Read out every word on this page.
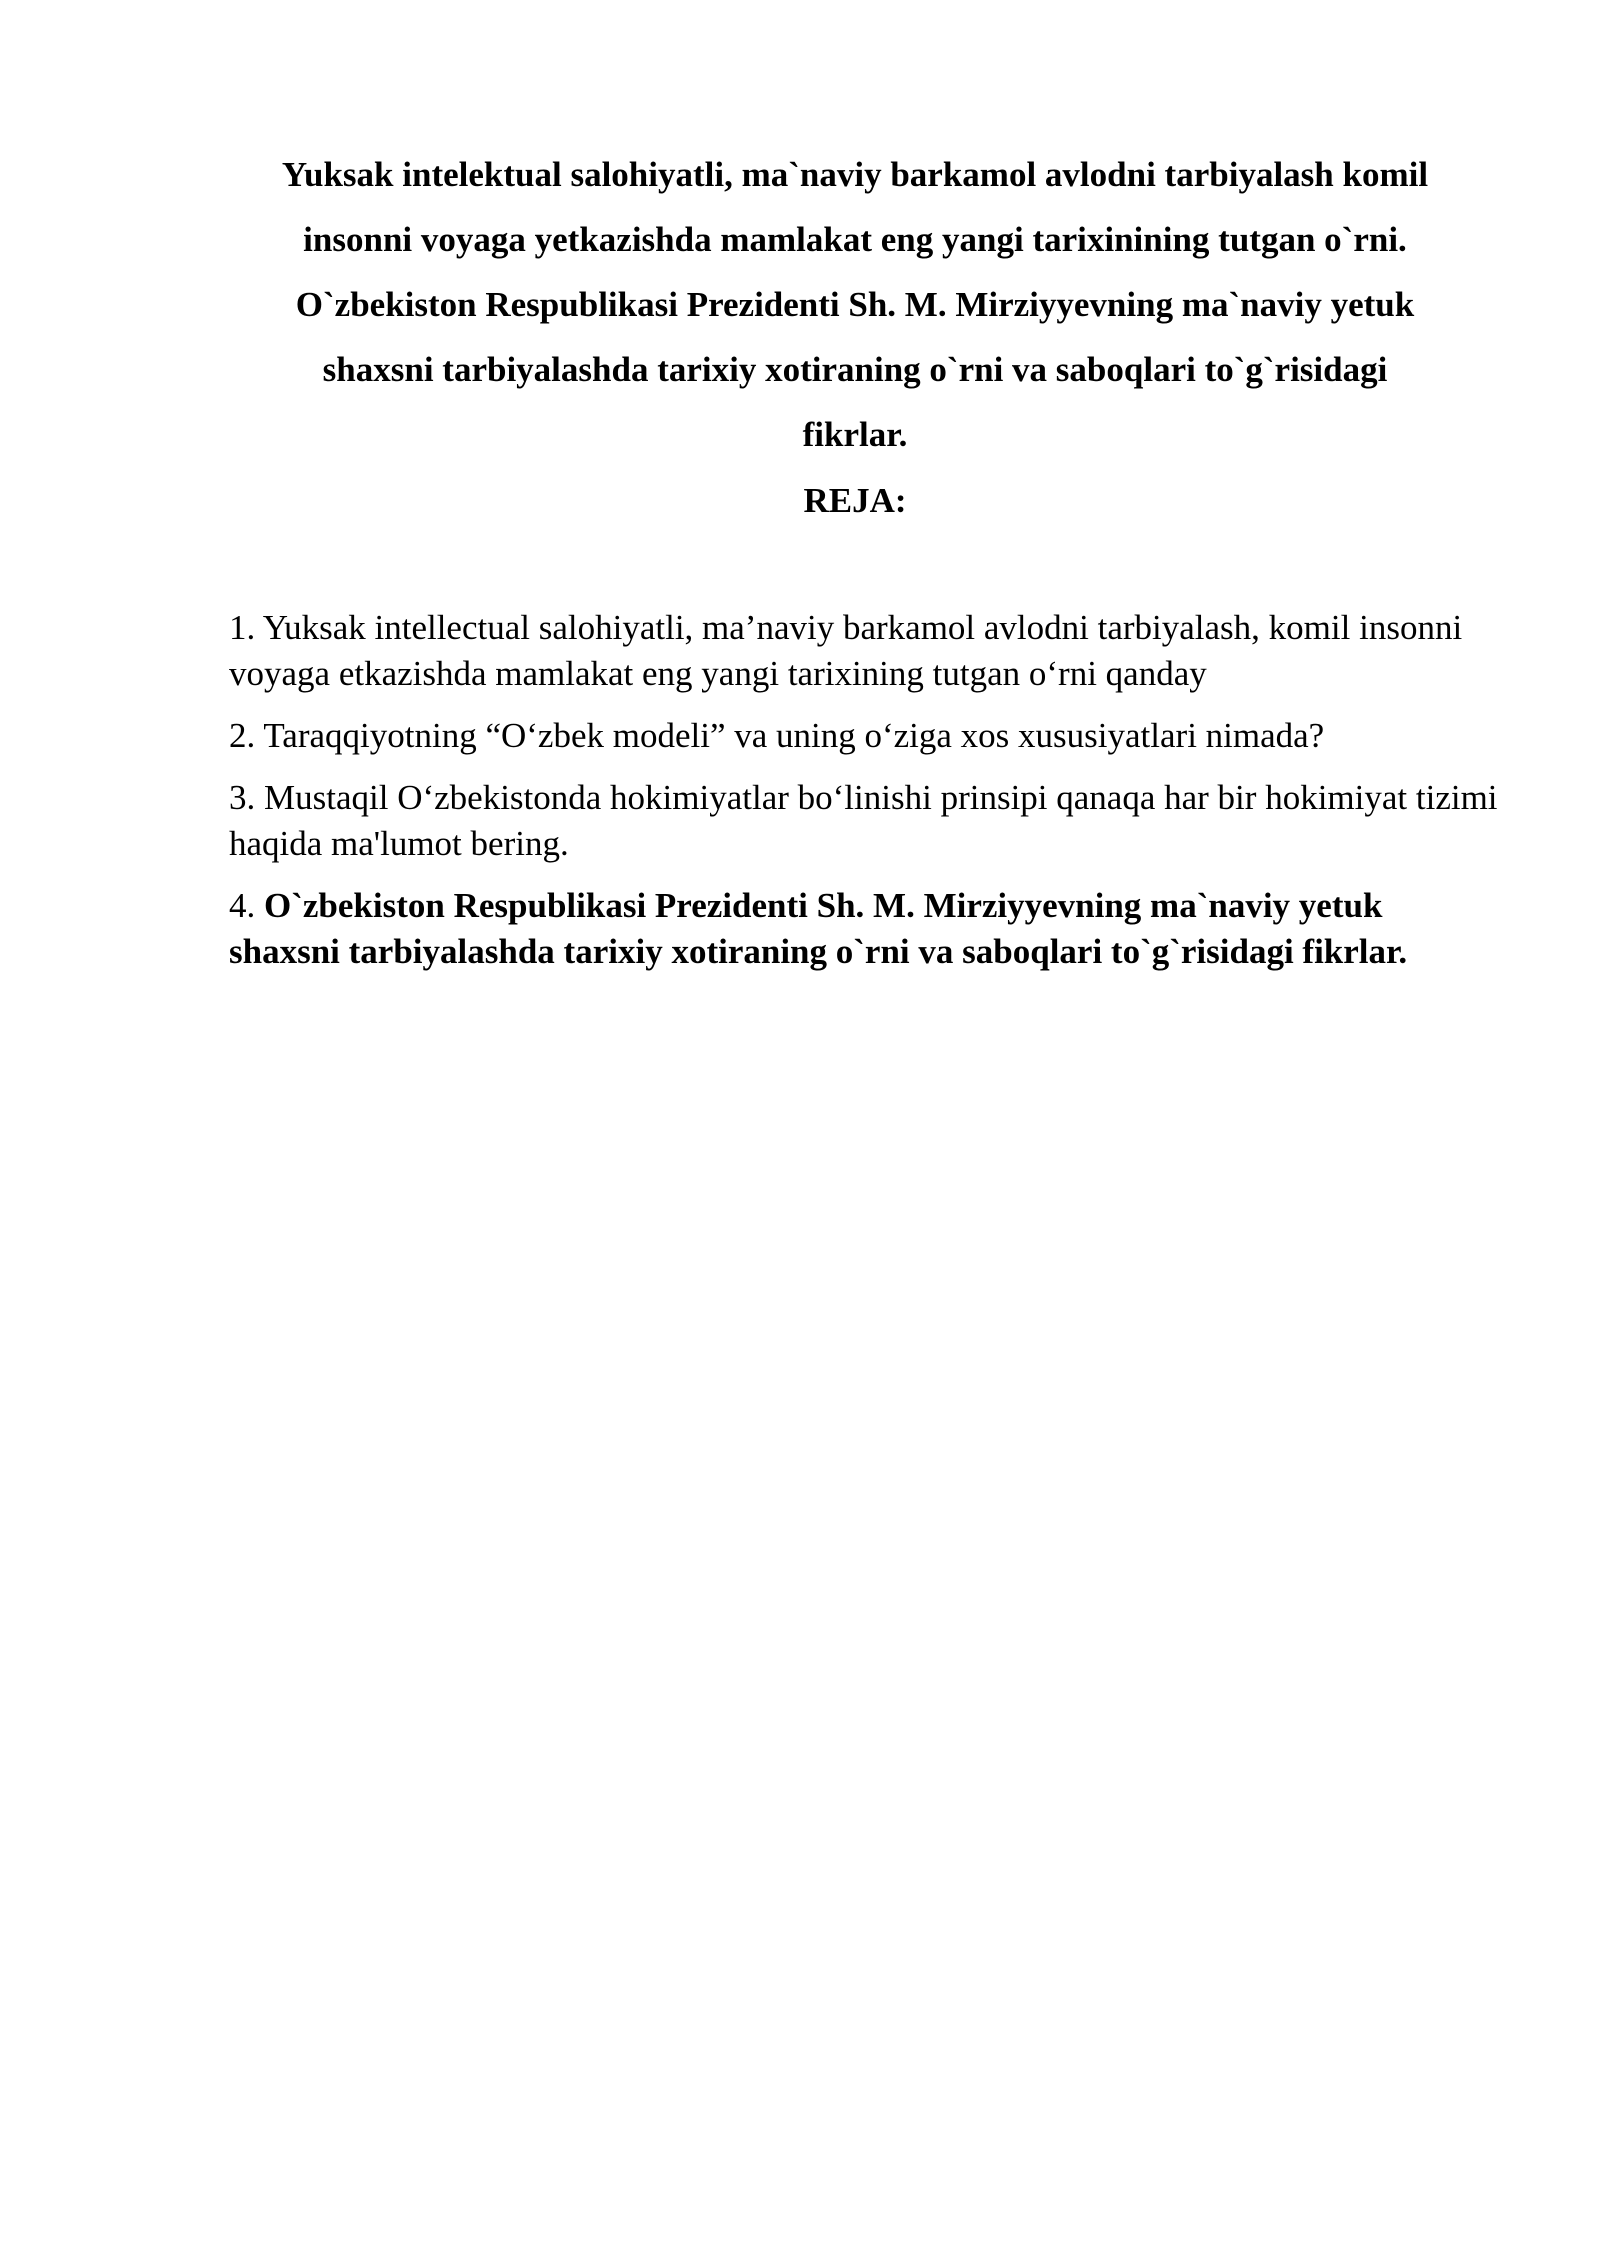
Yuksak intelektual salohiyatli, ma`naviy barkamol avlodni tarbiyalash komil

insonni voyaga yetkazishda mamlakat eng yangi tarixinining tutgan o`rni.

O`zbekiston Respublikasi Prezidenti Sh. M. Mirziyyevning ma`naviy yetuk

shaxsni tarbiyalashda tarixiy xotiraning o`rni va saboqlari to`g`risidagi

fikrlar.

REJA:

1. Yuksak intellectual salohiyatli, ma’naviy barkamol avlodni tarbiyalash, komil insonni voyaga etkazishda mamlakat eng yangi tarixining tutgan o‘rni qanday

2. Taraqqiyotning “O‘zbek modeli” va uning o‘ziga xos xususiyatlari nimada?

3. Mustaqil O‘zbekistonda hokimiyatlar bo‘linishi prinsipi qanaqa har bir hokimiyat tizimi haqida ma'lumot bering.

4. O`zbekiston Respublikasi Prezidenti Sh. M. Mirziyyevning ma`naviy yetuk shaxsni tarbiyalashda tarixiy xotiraning o`rni va saboqlari to`g`risidagi fikrlar.
